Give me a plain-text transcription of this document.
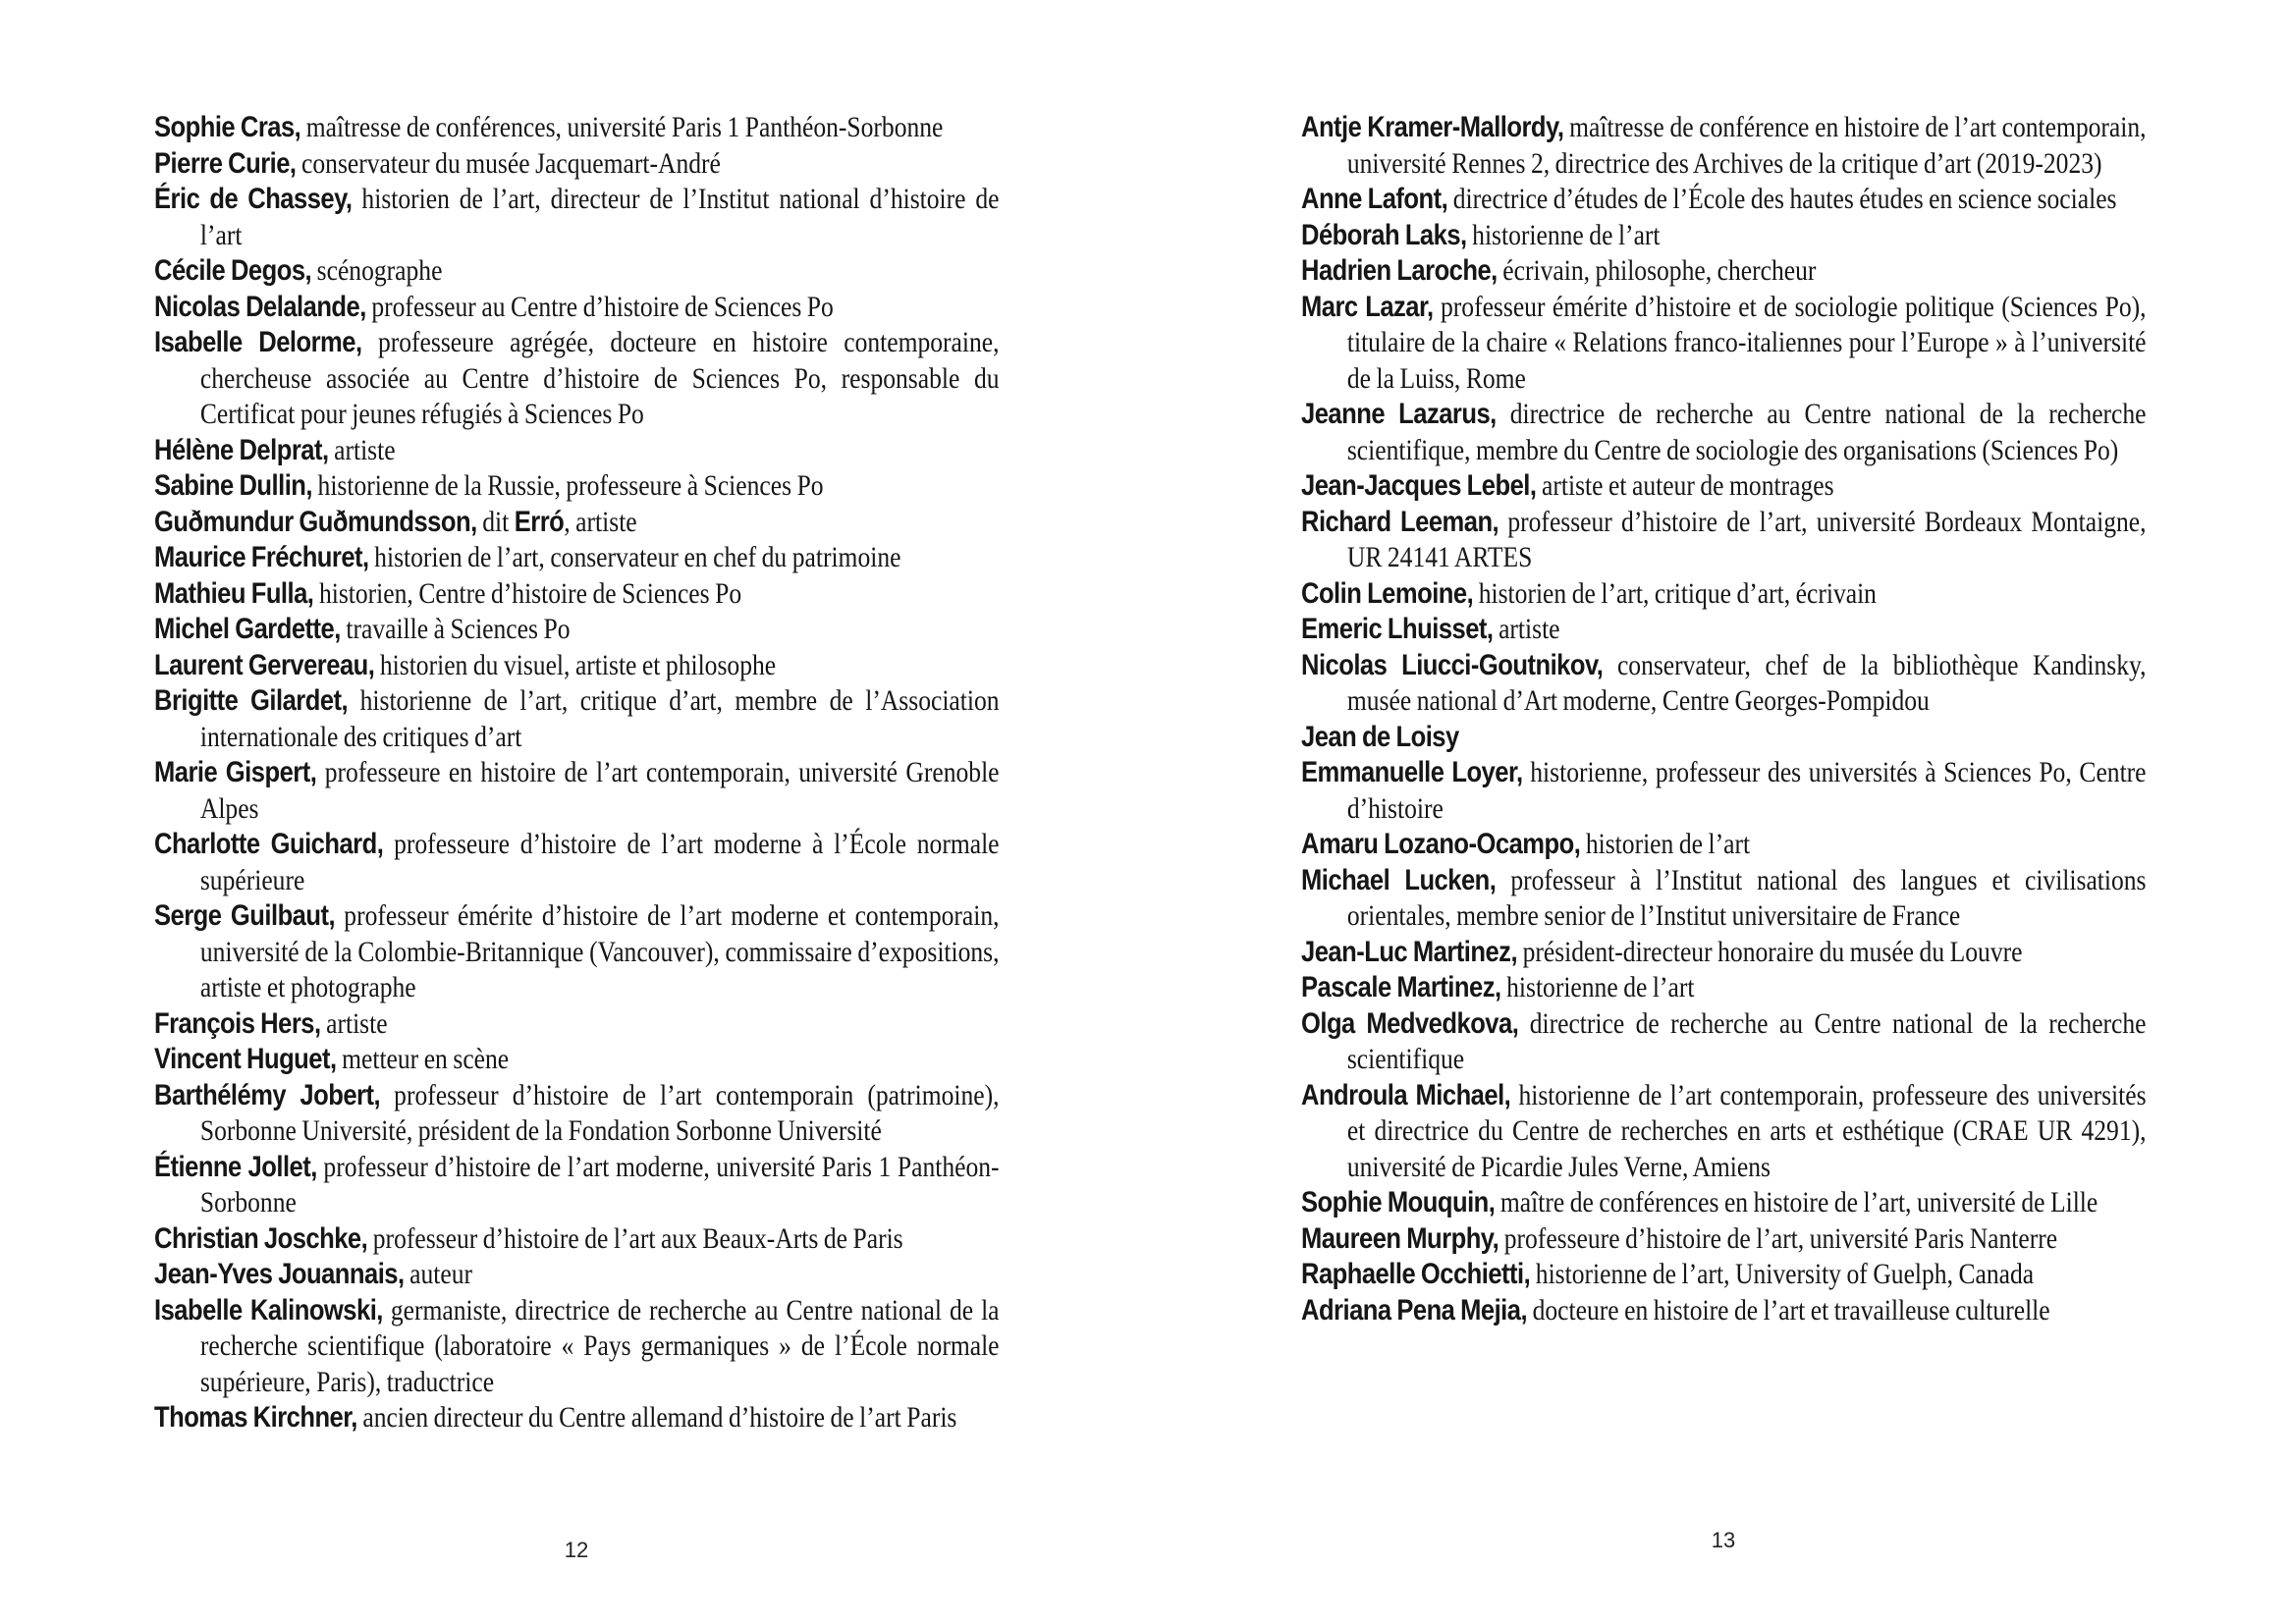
Sophie Cras, maîtresse de conférences, université Paris 1 Panthéon-Sorbonne

Pierre Curie, conservateur du musée Jacquemart-André

Éric de Chassey, historien de l’art, directeur de l’Institut national d’histoire de l’art

Cécile Degos, scénographe

Nicolas Delalande, professeur au Centre d’histoire de Sciences Po

Isabelle Delorme, professeure agrégée, docteure en histoire contemporaine, chercheuse associée au Centre d’histoire de Sciences Po, responsable du Certificat pour jeunes réfugiés à Sciences Po

Hélène Delprat, artiste

Sabine Dullin, historienne de la Russie, professeure à Sciences Po

Guðmundur Guðmundsson, dit Erró, artiste

Maurice Fréchuret, historien de l’art, conservateur en chef du patrimoine

Mathieu Fulla, historien, Centre d’histoire de Sciences Po

Michel Gardette, travaille à Sciences Po

Laurent Gervereau, historien du visuel, artiste et philosophe

Brigitte Gilardet, historienne de l’art, critique d’art, membre de l’Association internationale des critiques d’art

Marie Gispert, professeure en histoire de l’art contemporain, université Grenoble Alpes

Charlotte Guichard, professeure d’histoire de l’art moderne à l’École normale supérieure

Serge Guilbaut, professeur émérite d’histoire de l’art moderne et contemporain, université de la Colombie-Britannique (Vancouver), commissaire d’expositions, artiste et photographe

François Hers, artiste

Vincent Huguet, metteur en scène

Barthélémy Jobert, professeur d’histoire de l’art contemporain (patrimoine), Sorbonne Université, président de la Fondation Sorbonne Université

Étienne Jollet, professeur d’histoire de l’art moderne, université Paris 1 Panthéon-Sorbonne

Christian Joschke, professeur d’histoire de l’art aux Beaux-Arts de Paris

Jean-Yves Jouannais, auteur

Isabelle Kalinowski, germaniste, directrice de recherche au Centre national de la recherche scientifique (laboratoire « Pays germaniques » de l’École normale supérieure, Paris), traductrice

Thomas Kirchner, ancien directeur du Centre allemand d’histoire de l’art Paris

Antje Kramer-Mallordy, maîtresse de conférence en histoire de l’art contemporain, université Rennes 2, directrice des Archives de la critique d’art (2019-2023)

Anne Lafont, directrice d’études de l’École des hautes études en science sociales

Déborah Laks, historienne de l’art

Hadrien Laroche, écrivain, philosophe, chercheur

Marc Lazar, professeur émérite d’histoire et de sociologie politique (Sciences Po), titulaire de la chaire « Relations franco-italiennes pour l’Europe » à l’université de la Luiss, Rome

Jeanne Lazarus, directrice de recherche au Centre national de la recherche scientifique, membre du Centre de sociologie des organisations (Sciences Po)

Jean-Jacques Lebel, artiste et auteur de montrages

Richard Leeman, professeur d’histoire de l’art, université Bordeaux Montaigne, UR 24141 ARTES

Colin Lemoine, historien de l’art, critique d’art, écrivain

Emeric Lhuisset, artiste

Nicolas Liucci-Goutnikov, conservateur, chef de la bibliothèque Kandinsky, musée national d’Art moderne, Centre Georges-Pompidou

Jean de Loisy

Emmanuelle Loyer, historienne, professeur des universités à Sciences Po, Centre d’histoire

Amaru Lozano-Ocampo, historien de l’art

Michael Lucken, professeur à l’Institut national des langues et civilisations orientales, membre senior de l’Institut universitaire de France

Jean-Luc Martinez, président-directeur honoraire du musée du Louvre

Pascale Martinez, historienne de l’art

Olga Medvedkova, directrice de recherche au Centre national de la recherche scientifique

Androula Michael, historienne de l’art contemporain, professeure des universités et directrice du Centre de recherches en arts et esthétique (CRAE UR 4291), université de Picardie Jules Verne, Amiens

Sophie Mouquin, maître de conférences en histoire de l’art, université de Lille

Maureen Murphy, professeure d’histoire de l’art, université Paris Nanterre

Raphaelle Occhietti, historienne de l’art, University of Guelph, Canada

Adriana Pena Mejia, docteure en histoire de l’art et travailleuse culturelle

12	13
